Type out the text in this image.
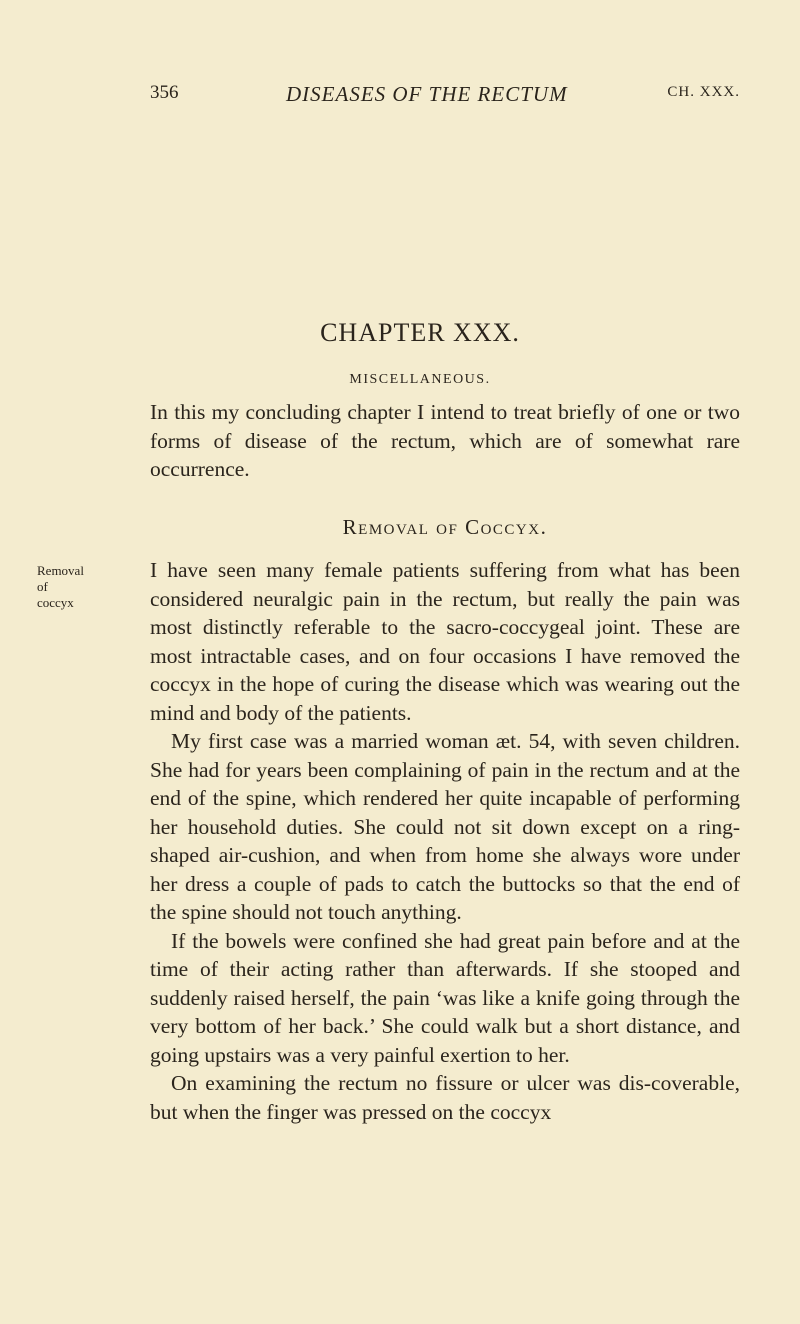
356	DISEASES OF THE RECTUM	CH. XXX.
CHAPTER XXX.
MISCELLANEOUS.

In this my concluding chapter I intend to treat briefly of one or two forms of disease of the rectum, which are of somewhat rare occurrence.

Removal of Coccyx.
Removal of
coccyx

I have seen many female patients suffering from what has been considered neuralgic pain in the rectum, but really the pain was most distinctly referable to the sacro-coccygeal joint. These are most intractable cases, and on four occasions I have removed the coccyx in the hope of curing the disease which was wearing out the mind and body of the patients.

My first case was a married woman æt. 54, with seven children. She had for years been complaining of pain in the rectum and at the end of the spine, which rendered her quite incapable of performing her household duties. She could not sit down except on a ring-shaped air-cushion, and when from home she always wore under her dress a couple of pads to catch the buttocks so that the end of the spine should not touch anything.

If the bowels were confined she had great pain before and at the time of their acting rather than afterwards. If she stooped and suddenly raised herself, the pain ‘was like a knife going through the very bottom of her back.’ She could walk but a short distance, and going upstairs was a very painful exertion to her.

On examining the rectum no fissure or ulcer was dis-coverable, but when the finger was pressed on the coccyx
